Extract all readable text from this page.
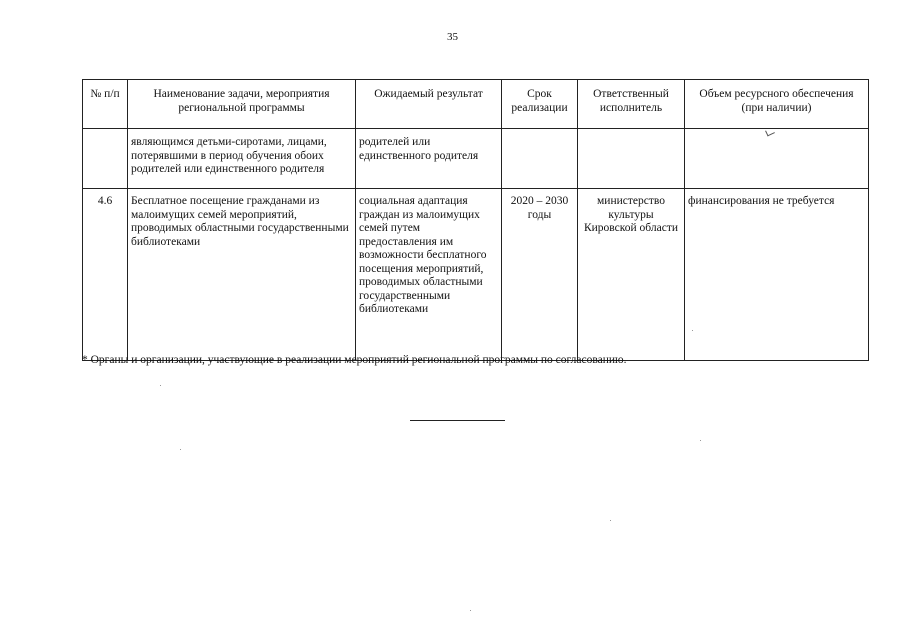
35
№ п/п	Наименование задачи, мероприятия региональной программы	Ожидаемый результат	Срок реализации	Ответственный исполнитель	Объем ресурсного обеспечения (при наличии)
	являющимся детьми-сиротами, лицами, потерявшими в период обучения обоих родителей или единственного родителя	родителей или единственного родителя			
4.6	Бесплатное посещение гражданами из малоимущих семей мероприятий, проводимых областными государственными библиотеками	социальная адаптация граждан из малоимущих семей путем предоставления им возможности бесплатного посещения мероприятий, проводимых областными государственными библиотеками	2020 – 2030 годы	министерство культуры Кировской области	финансирования не требуется
* Органы и организации, участвующие в реализации мероприятий региональной программы по согласованию.
